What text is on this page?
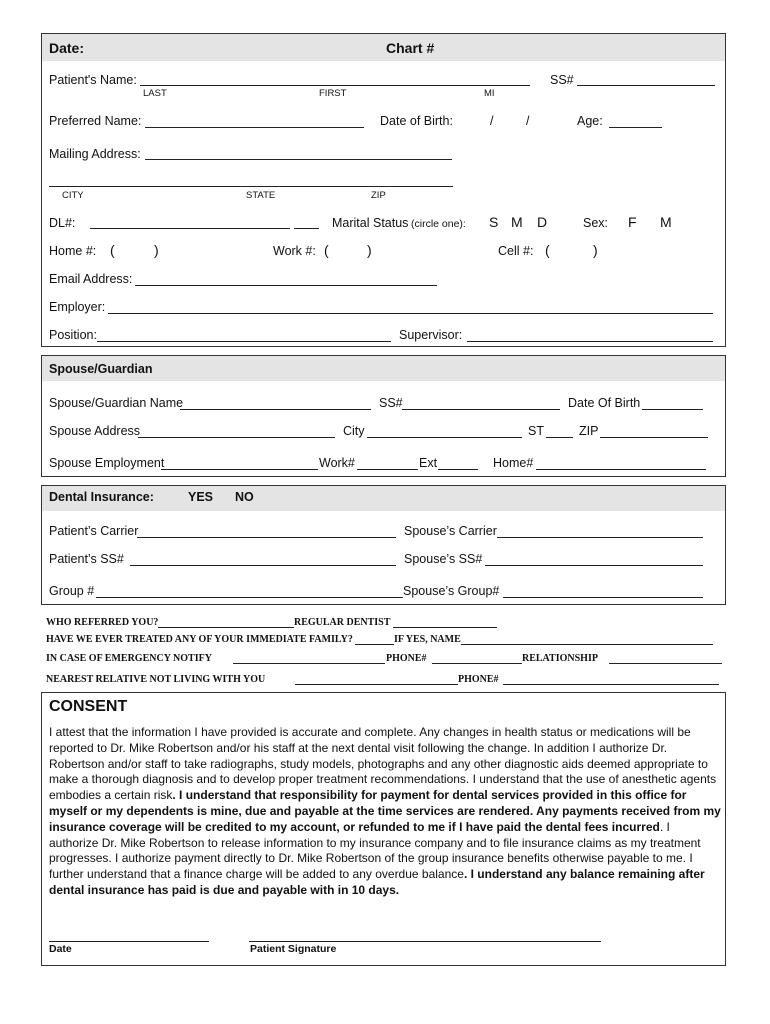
Date:	Chart #
Patient's Name:	SS#
LAST	FIRST	MI
Preferred Name:	Date of Birth:	/	/	Age:
Mailing Address:
CITY	STATE	ZIP
DL#:	Marital Status (circle one): S M D	Sex: F M
Home #: (	)	Work #: (	)	Cell #: (	)
Email Address:
Employer:
Position:	Supervisor:
Spouse/Guardian
Spouse/Guardian Name	SS#	Date Of Birth
Spouse Address	City	ST	ZIP
Spouse Employment	Work#	Ext	Home#
Dental Insurance:	YES NO
Patient’s Carrier	Spouse’s Carrier
Patient’s SS#	Spouse’s SS#
Group #	Spouse’s Group#
WHO REFERRED YOU?	REGULAR DENTIST
HAVE WE EVER TREATED ANY OF YOUR IMMEDIATE FAMILY?	IF YES, NAME
IN CASE OF EMERGENCY NOTIFY	PHONE#	RELATIONSHIP
NEAREST RELATIVE NOT LIVING WITH YOU	PHONE#
CONSENT
I attest that the information I have provided is accurate and complete. Any changes in health status or medications will be reported to Dr. Mike Robertson and/or his staff at the next dental visit following the change. In addition I authorize Dr. Robertson and/or staff to take radiographs, study models, photographs and any other diagnostic aids deemed appropriate to make a thorough diagnosis and to develop proper treatment recommendations. I understand that the use of anesthetic agents embodies a certain risk. I understand that responsibility for payment for dental services provided in this office for myself or my dependents is mine, due and payable at the time services are rendered. Any payments received from my insurance coverage will be credited to my account, or refunded to me if I have paid the dental fees incurred. I authorize Dr. Mike Robertson to release information to my insurance company and to file insurance claims as my treatment progresses. I authorize payment directly to Dr. Mike Robertson of the group insurance benefits otherwise payable to me. I further understand that a finance charge will be added to any overdue balance. I understand any balance remaining after dental insurance has paid is due and payable with in 10 days.
Date	Patient Signature
